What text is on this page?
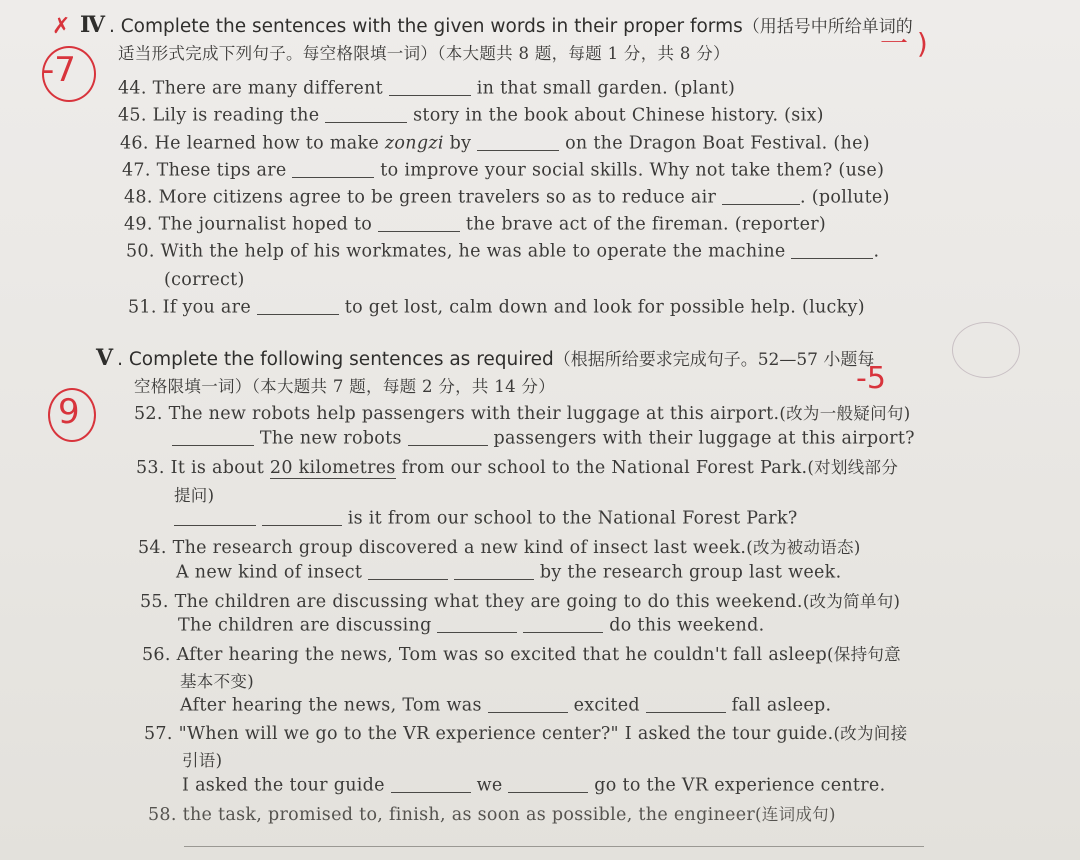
✗ Ⅳ . Complete the sentences with the given words in their proper forms（用括号中所给单词的
适当形式完成下列句子。每空格限填一词）（本大题共 8 题，每题 1 分，共 8 分）
-7
一 )
44. There are many different	in that small garden. (plant)
45. Lily is reading the	story in the book about Chinese history. (six)
46. He learned how to make zongzi by	on the Dragon Boat Festival. (he)
47. These tips are	to improve your social skills. Why not take them? (use)
48. More citizens agree to be green travelers so as to reduce air	. (pollute)
49. The journalist hoped to	the brave act of the fireman. (reporter)
50. With the help of his workmates, he was able to operate the machine	.
(correct)
51. If you are	to get lost, calm down and look for possible help. (lucky)
Ⅴ . Complete the following sentences as required（根据所给要求完成句子。52—57 小题每
空格限填一词）（本大题共 7 题，每题 2 分，共 14 分）
9
-5
52. The new robots help passengers with their luggage at this airport.(改为一般疑问句)
The new robots	passengers with their luggage at this airport?
53. It is about 20 kilometres from our school to the National Forest Park.(对划线部分
提问)
is it from our school to the National Forest Park?
54. The research group discovered a new kind of insect last week.(改为被动语态)
A new kind of insect	by the research group last week.
55. The children are discussing what they are going to do this weekend.(改为简单句)
The children are discussing	do this weekend.
56. After hearing the news, Tom was so excited that he couldn't fall asleep(保持句意
基本不变)
After hearing the news, Tom was	excited	fall asleep.
57. "When will we go to the VR experience center?" I asked the tour guide.(改为间接
引语)
I asked the tour guide	we	go to the VR experience centre.
58. the task, promised to, finish, as soon as possible, the engineer(连词成句)
